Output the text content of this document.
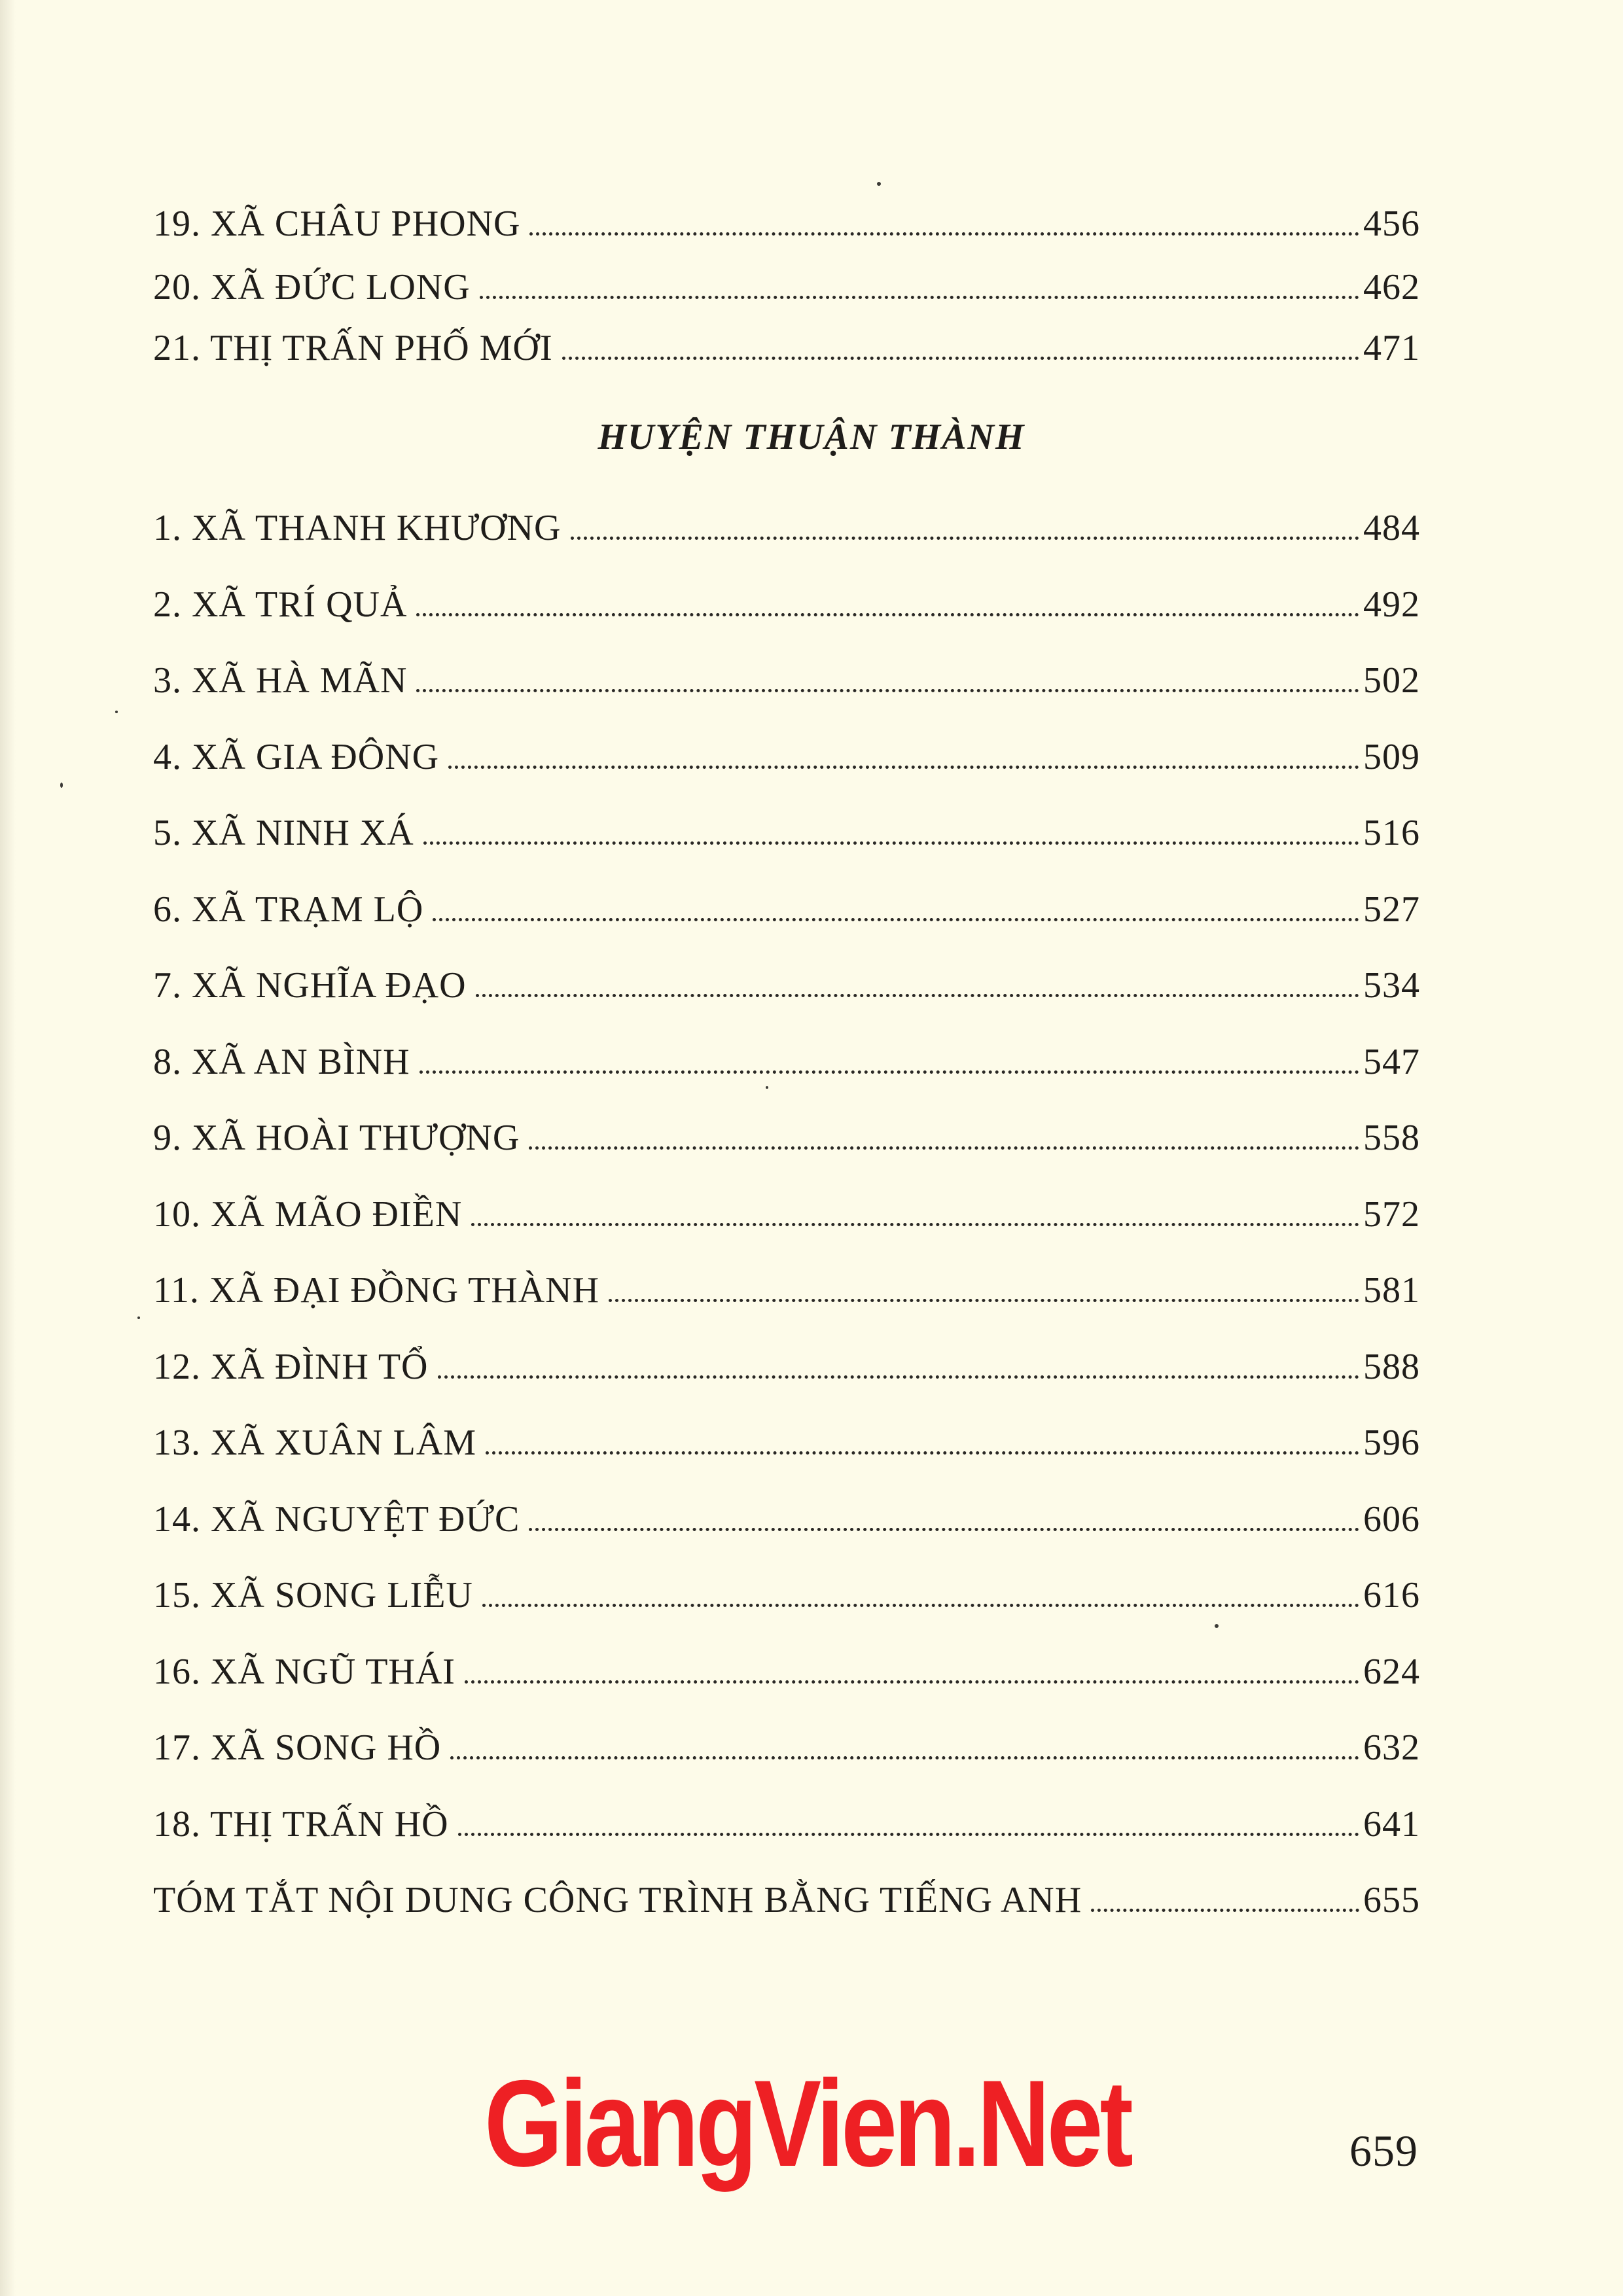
19. XÃ CHÂU PHONG	456
20. XÃ ĐỨC LONG	462
21. THỊ TRẤN PHỐ MỚI	471
HUYỆN THUẬN THÀNH
1. XÃ THANH KHƯƠNG	484
2. XÃ TRÍ QUẢ	492
3. XÃ HÀ MÃN	502
4. XÃ GIA ĐÔNG	509
5. XÃ NINH XÁ	516
6. XÃ TRẠM LỘ	527
7. XÃ NGHĨA ĐẠO	534
8. XÃ AN BÌNH	547
9. XÃ HOÀI THƯỢNG	558
10. XÃ MÃO ĐIỀN	572
11. XÃ ĐẠI ĐỒNG THÀNH	581
12. XÃ ĐÌNH TỔ	588
13. XÃ XUÂN LÂM	596
14. XÃ NGUYỆT ĐỨC	606
15. XÃ SONG LIỄU	616
16. XÃ NGŨ THÁI	624
17. XÃ SONG HỒ	632
18. THỊ TRẤN HỒ	641
TÓM TẮT NỘI DUNG CÔNG TRÌNH BẰNG TIẾNG ANH	655
GiangVien.Net	659
